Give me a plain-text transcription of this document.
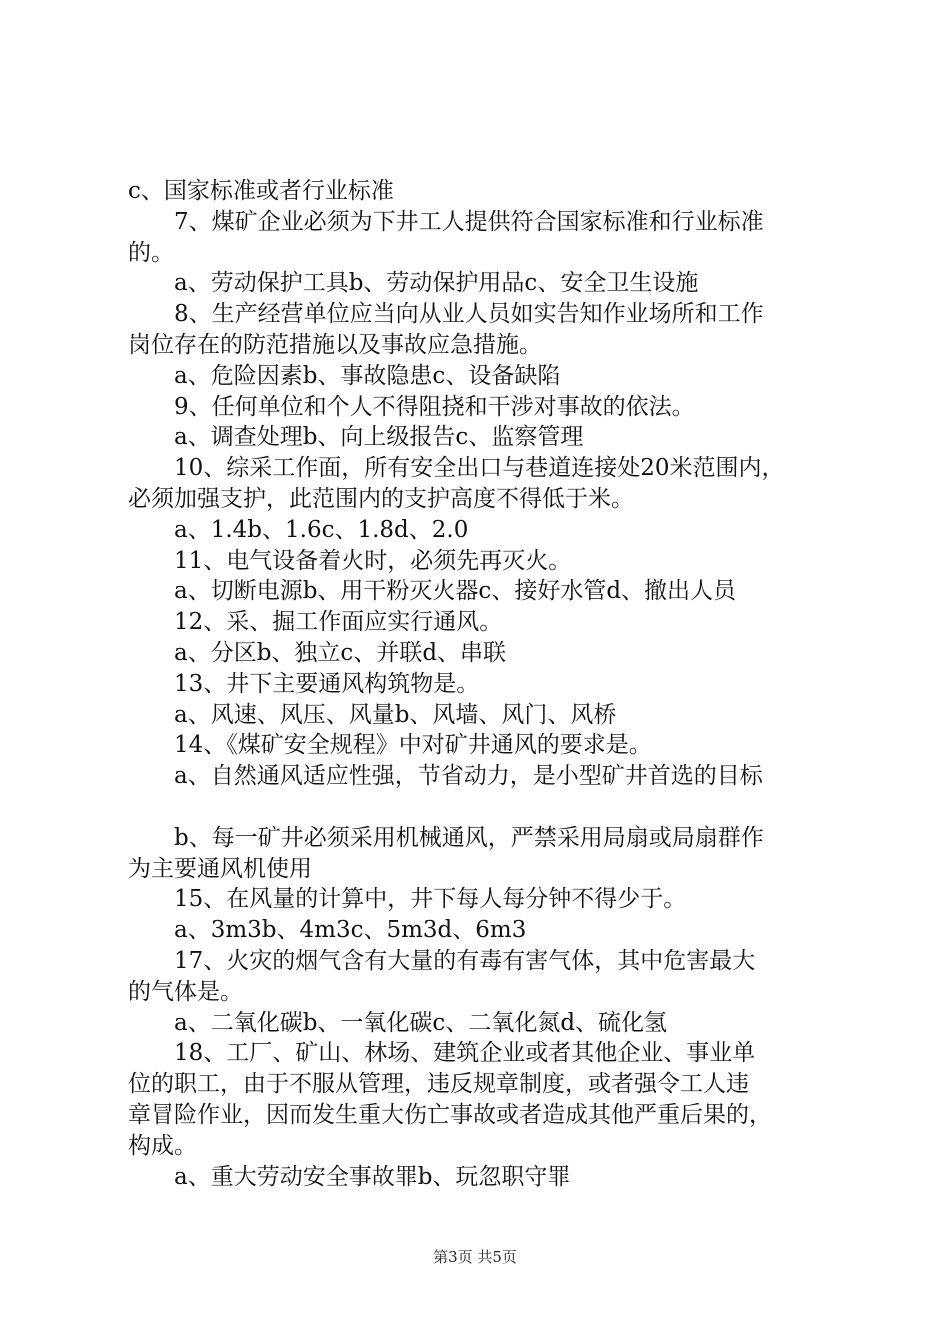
c、国家标准或者行业标准
7、煤矿企业必须为下井工人提供符合国家标准和行业标准
的。
a、劳动保护工具b、劳动保护用品c、安全卫生设施
8、生产经营单位应当向从业人员如实告知作业场所和工作
岗位存在的防范措施以及事故应急措施。
a、危险因素b、事故隐患c、设备缺陷
9、任何单位和个人不得阻挠和干涉对事故的依法。
a、调查处理b、向上级报告c、监察管理
10、综采工作面，所有安全出口与巷道连接处20米范围内，
必须加强支护，此范围内的支护高度不得低于米。
a、1.4b、1.6c、1.8d、2.0
11、电气设备着火时，必须先再灭火。
a、切断电源b、用干粉灭火器c、接好水管d、撤出人员
12、采、掘工作面应实行通风。
a、分区b、独立c、并联d、串联
13、井下主要通风构筑物是。
a、风速、风压、风量b、风墙、风门、风桥
14、《煤矿安全规程》中对矿井通风的要求是。
a、自然通风适应性强，节省动力，是小型矿井首选的目标
b、每一矿井必须采用机械通风，严禁采用局扇或局扇群作
为主要通风机使用
15、在风量的计算中，井下每人每分钟不得少于。
a、3m3b、4m3c、5m3d、6m3
17、火灾的烟气含有大量的有毒有害气体，其中危害最大
的气体是。
a、二氧化碳b、一氧化碳c、二氧化氮d、硫化氢
18、工厂、矿山、林场、建筑企业或者其他企业、事业单
位的职工，由于不服从管理，违反规章制度，或者强令工人违
章冒险作业，因而发生重大伤亡事故或者造成其他严重后果的，
构成。
a、重大劳动安全事故罪b、玩忽职守罪
第3页 共5页
